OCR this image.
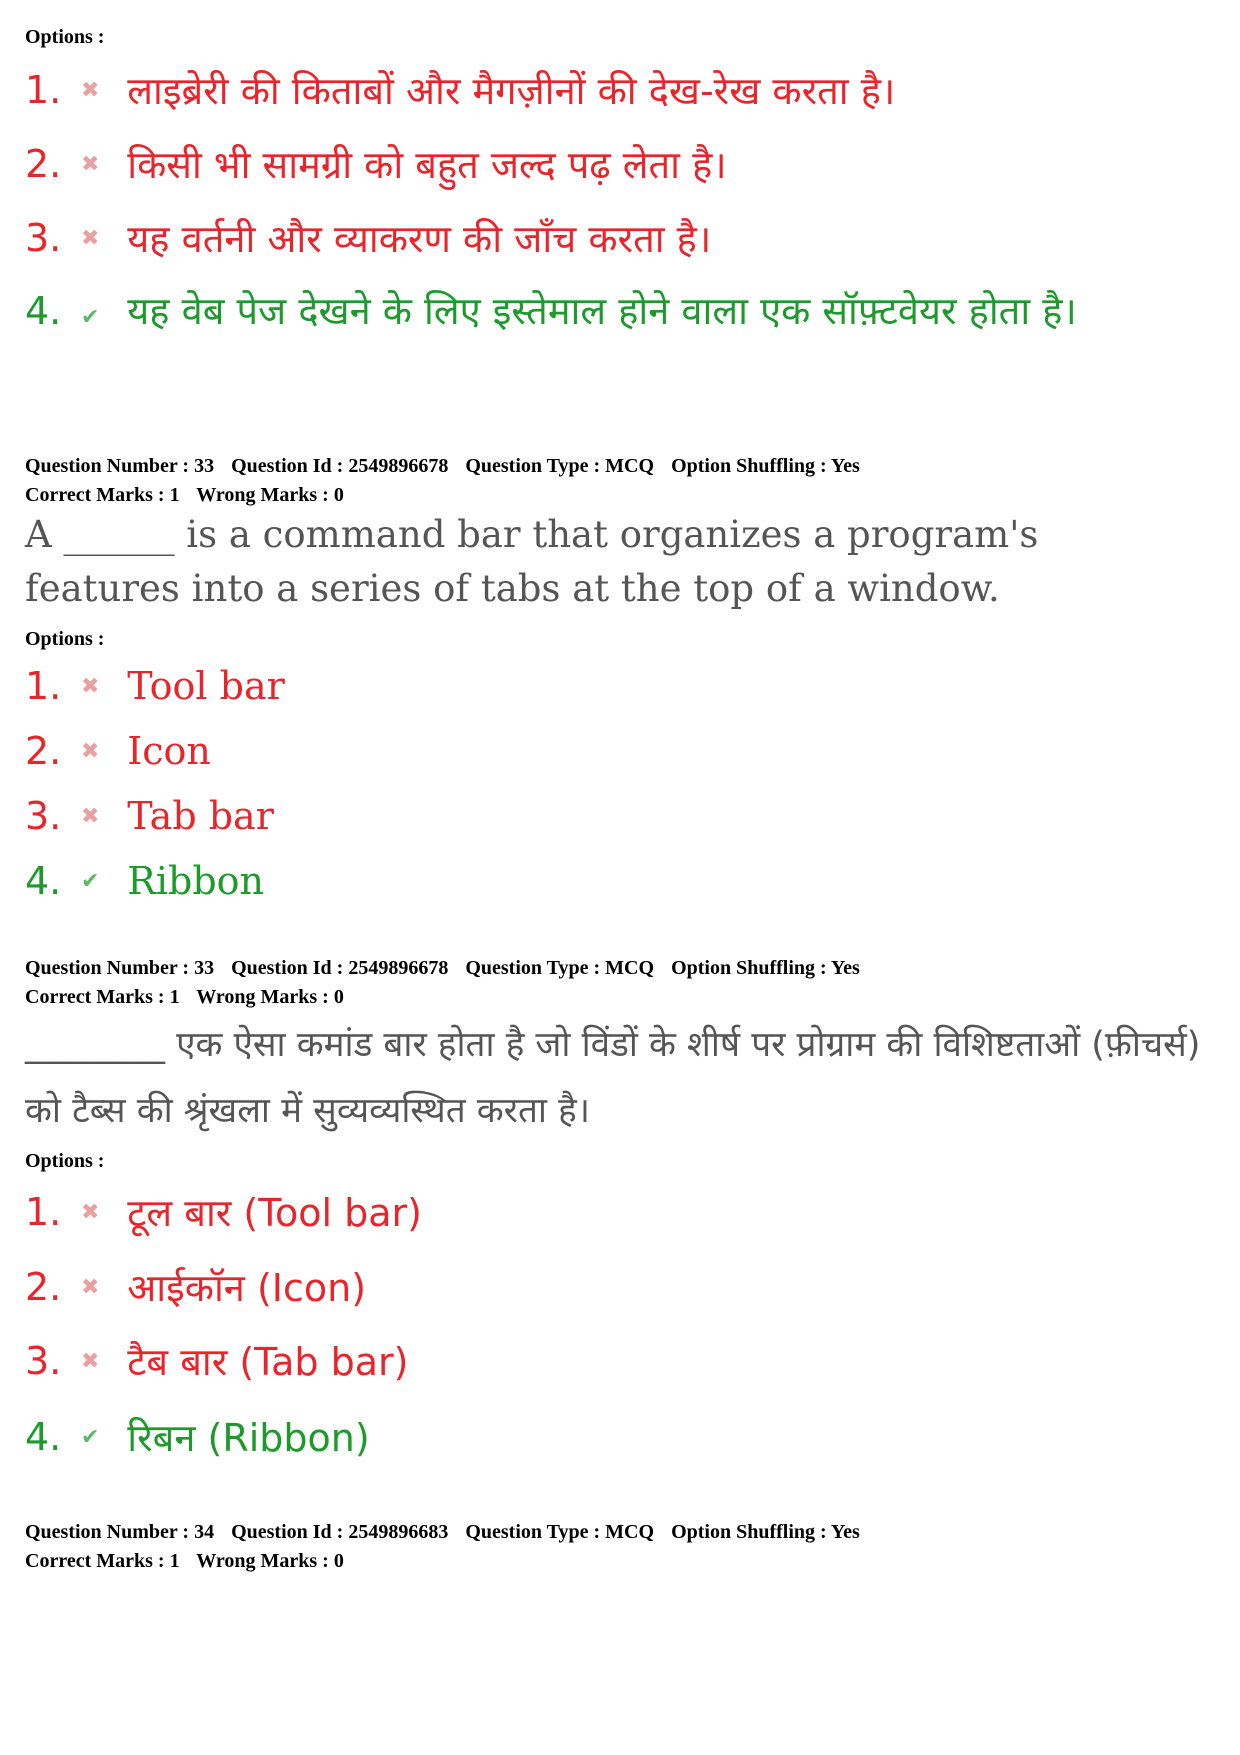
Options :
1. ✖ लाइब्रेरी की किताबों और मैगज़ीनों की देख-रेख करता है।
2. ✖ किसी भी सामग्री को बहुत जल्द पढ़ लेता है।
3. ✖ यह वर्तनी और व्याकरण की जाँच करता है।
4. ✔ यह वेब पेज देखने के लिए इस्तेमाल होने वाला एक सॉफ़्टवेयर होता है।
Question Number : 33 Question Id : 2549896678 Question Type : MCQ Option Shuffling : Yes
Correct Marks : 1 Wrong Marks : 0
A ______ is a command bar that organizes a program's features into a series of tabs at the top of a window.
Options :
1. ✖ Tool bar
2. ✖ Icon
3. ✖ Tab bar
4. ✔ Ribbon
Question Number : 33 Question Id : 2549896678 Question Type : MCQ Option Shuffling : Yes
Correct Marks : 1 Wrong Marks : 0
________ एक ऐसा कमांड बार होता है जो विंडों के शीर्ष पर प्रोग्राम की विशिष्टताओं (फ़ीचर्स) को टैब्स की श्रृंखला में सुव्यव्यस्थित करता है।
Options :
1. ✖ टूल बार (Tool bar)
2. ✖ आईकॉन (Icon)
3. ✖ टैब बार (Tab bar)
4. ✔ रिबन (Ribbon)
Question Number : 34 Question Id : 2549896683 Question Type : MCQ Option Shuffling : Yes
Correct Marks : 1 Wrong Marks : 0
